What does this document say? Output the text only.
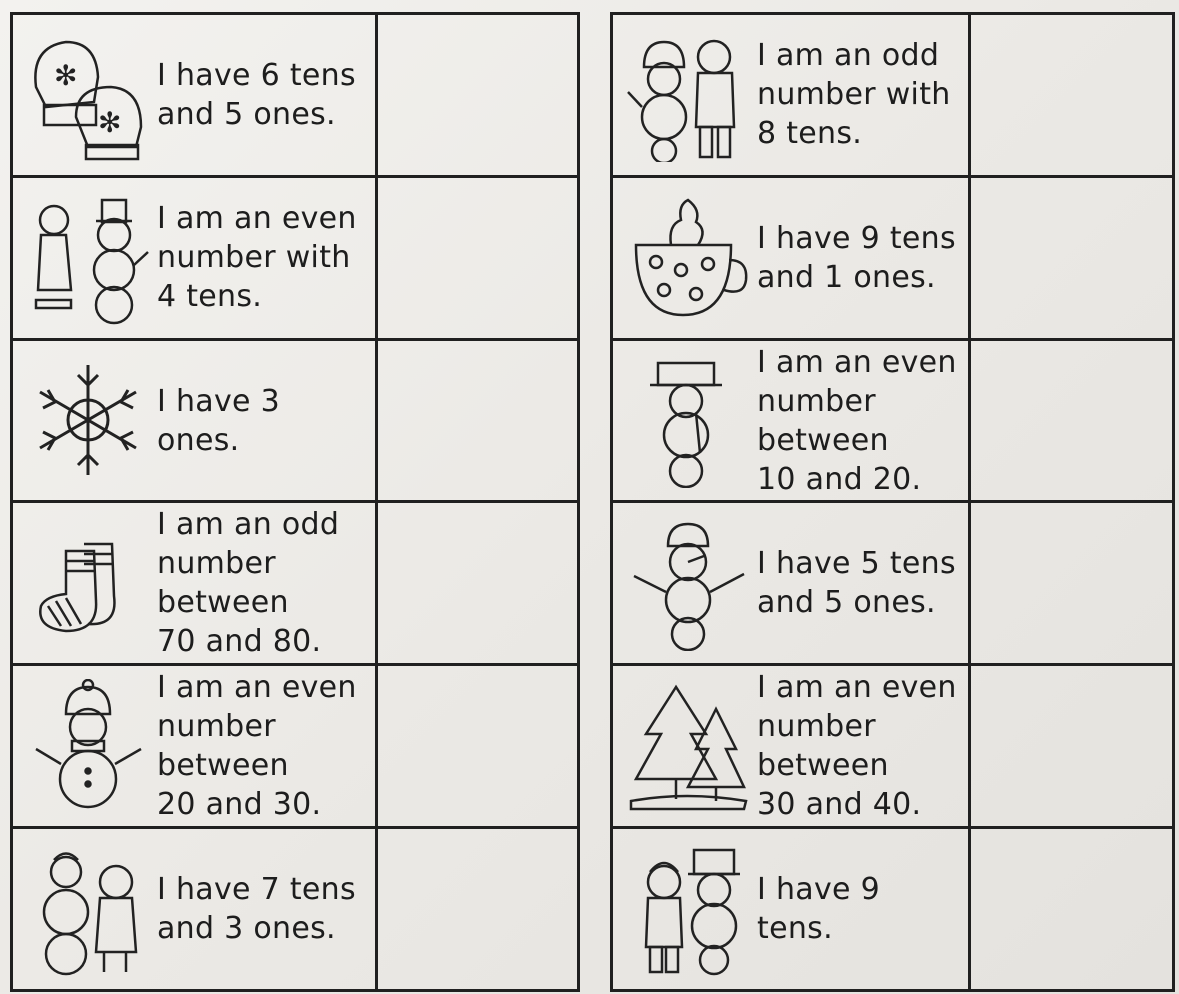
✻
✻
I have 6 tens
and 5 ones.
I am an even
number with
4 tens.
I have 3 ones.
I am an odd
number between
70 and 80.
I am an even
number between
20 and 30.
I have 7 tens
and 3 ones.
I am an odd
number with
8 tens.
I have 9 tens
and 1 ones.
I am an even
number between
10 and 20.
I have 5 tens
and 5 ones.
I am an even
number between
30 and 40.
I have 9 tens.
